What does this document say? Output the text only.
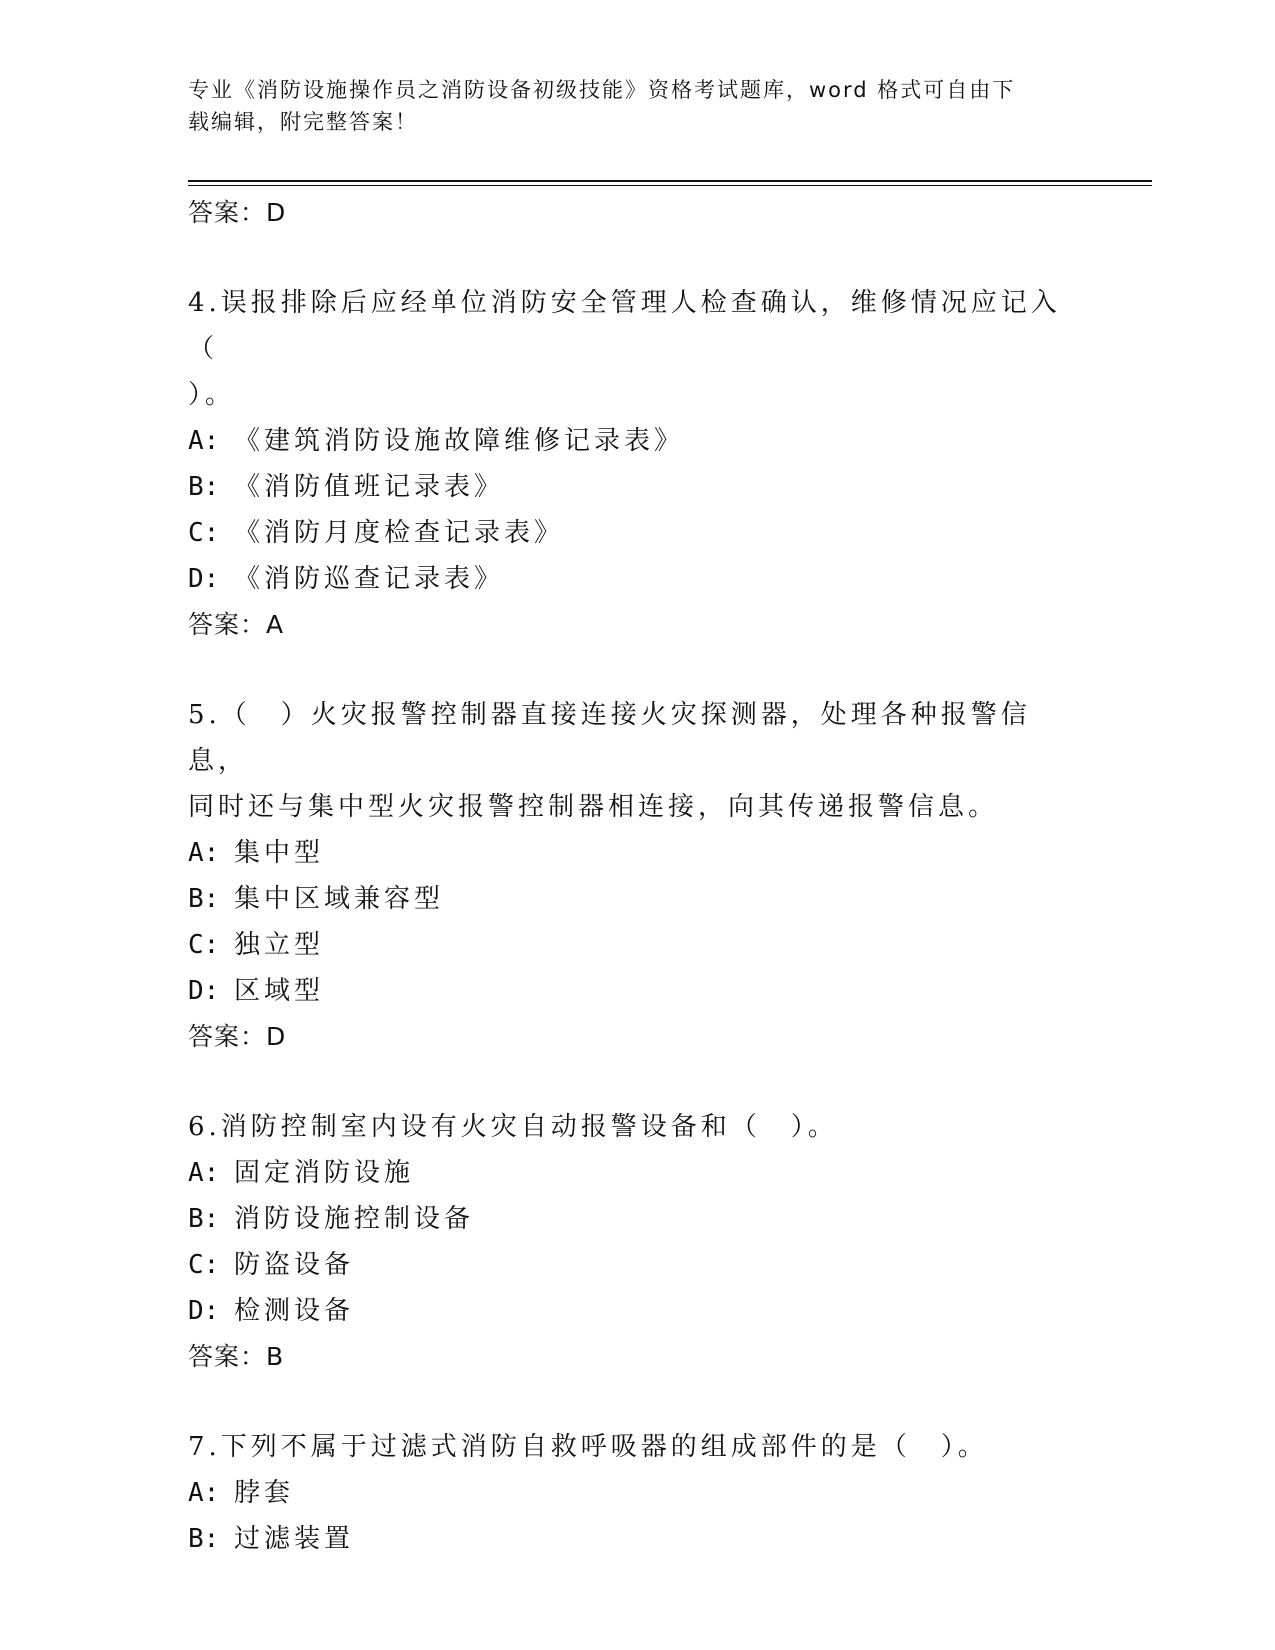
专业《消防设施操作员之消防设备初级技能》资格考试题库，word 格式可自由下
载编辑，附完整答案！
答案：D
4.误报排除后应经单位消防安全管理人检查确认，维修情况应记入（
）。
A: 《建筑消防设施故障维修记录表》
B: 《消防值班记录表》
C: 《消防月度检查记录表》
D: 《消防巡查记录表》
答案：A
5.（　）火灾报警控制器直接连接火灾探测器，处理各种报警信息，
同时还与集中型火灾报警控制器相连接，向其传递报警信息。
A: 集中型
B: 集中区域兼容型
C: 独立型
D: 区域型
答案：D
6.消防控制室内设有火灾自动报警设备和（　）。
A: 固定消防设施
B: 消防设施控制设备
C: 防盗设备
D: 检测设备
答案：B
7.下列不属于过滤式消防自救呼吸器的组成部件的是（　）。
A: 脖套
B: 过滤装置
